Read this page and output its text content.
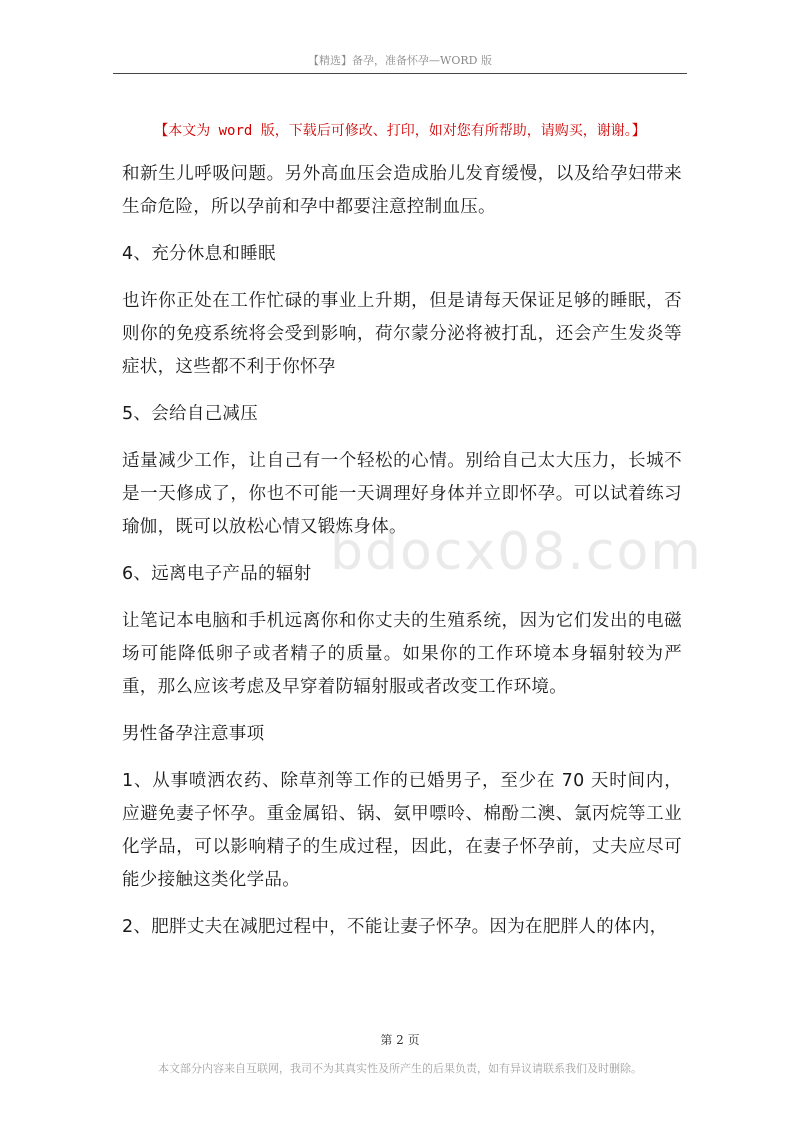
【精选】备孕，准备怀孕—WORD 版
【本文为 word 版，下载后可修改、打印，如对您有所帮助，请购买，谢谢。】

和新生儿呼吸问题。另外高血压会造成胎儿发育缓慢，以及给孕妇带来生命危险，所以孕前和孕中都要注意控制血压。

4、充分休息和睡眠

也许你正处在工作忙碌的事业上升期，但是请每天保证足够的睡眠，否则你的免疫系统将会受到影响，荷尔蒙分泌将被打乱，还会产生发炎等症状，这些都不利于你怀孕

5、会给自己减压

适量减少工作，让自己有一个轻松的心情。别给自己太大压力，长城不是一天修成了，你也不可能一天调理好身体并立即怀孕。可以试着练习瑜伽，既可以放松心情又锻炼身体。

6、远离电子产品的辐射

让笔记本电脑和手机远离你和你丈夫的生殖系统，因为它们发出的电磁场可能降低卵子或者精子的质量。如果你的工作环境本身辐射较为严重，那么应该考虑及早穿着防辐射服或者改变工作环境。

男性备孕注意事项

1、从事喷洒农药、除草剂等工作的已婚男子，至少在 70 天时间内，应避免妻子怀孕。重金属铅、锅、氨甲嘌呤、棉酚二澳、氯丙烷等工业化学品，可以影响精子的生成过程，因此，在妻子怀孕前，丈夫应尽可能少接触这类化学品。

2、肥胖丈夫在减肥过程中，不能让妻子怀孕。因为在肥胖人的体内，

bdocx08.com
第 2 页
本文部分内容来自互联网，我司不为其真实性及所产生的后果负责，如有异议请联系我们及时删除。
